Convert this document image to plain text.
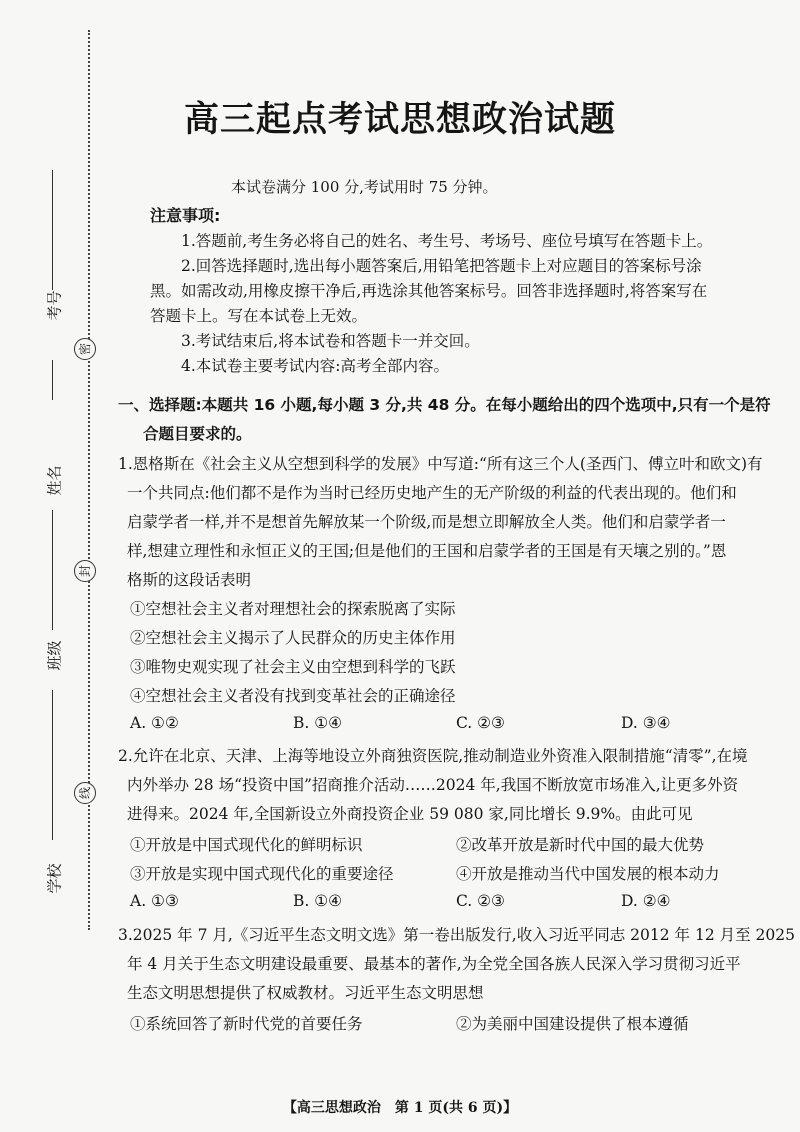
密
封
线
考号
姓名
班级
学校
高三起点考试思想政治试题
本试卷满分 100 分,考试用时 75 分钟。
注意事项:
1.答题前,考生务必将自己的姓名、考生号、考场号、座位号填写在答题卡上。
2.回答选择题时,选出每小题答案后,用铅笔把答题卡上对应题目的答案标号涂
黑。如需改动,用橡皮擦干净后,再选涂其他答案标号。回答非选择题时,将答案写在
答题卡上。写在本试卷上无效。
3.考试结束后,将本试卷和答题卡一并交回。
4.本试卷主要考试内容:高考全部内容。
一、选择题:本题共 16 小题,每小题 3 分,共 48 分。在每小题给出的四个选项中,只有一个是符
合题目要求的。
1.恩格斯在《社会主义从空想到科学的发展》中写道:“所有这三个人(圣西门、傅立叶和欧文)有
一个共同点:他们都不是作为当时已经历史地产生的无产阶级的利益的代表出现的。他们和
启蒙学者一样,并不是想首先解放某一个阶级,而是想立即解放全人类。他们和启蒙学者一
样,想建立理性和永恒正义的王国;但是他们的王国和启蒙学者的王国是有天壤之别的。”恩
格斯的这段话表明
①空想社会主义者对理想社会的探索脱离了实际
②空想社会主义揭示了人民群众的历史主体作用
③唯物史观实现了社会主义由空想到科学的飞跃
④空想社会主义者没有找到变革社会的正确途径
A. ①②	B. ①④	C. ②③	D. ③④
2.允许在北京、天津、上海等地设立外商独资医院,推动制造业外资准入限制措施“清零”,在境
内外举办 28 场“投资中国”招商推介活动……2024 年,我国不断放宽市场准入,让更多外资
进得来。2024 年,全国新设立外商投资企业 59 080 家,同比增长 9.9%。由此可见
①开放是中国式现代化的鲜明标识	②改革开放是新时代中国的最大优势
③开放是实现中国式现代化的重要途径	④开放是推动当代中国发展的根本动力
A. ①③	B. ①④	C. ②③	D. ②④
3.2025 年 7 月,《习近平生态文明文选》第一卷出版发行,收入习近平同志 2012 年 12 月至 2025
年 4 月关于生态文明建设最重要、最基本的著作,为全党全国各族人民深入学习贯彻习近平
生态文明思想提供了权威教材。习近平生态文明思想
①系统回答了新时代党的首要任务	②为美丽中国建设提供了根本遵循
【高三思想政治　第 1 页(共 6 页)】
